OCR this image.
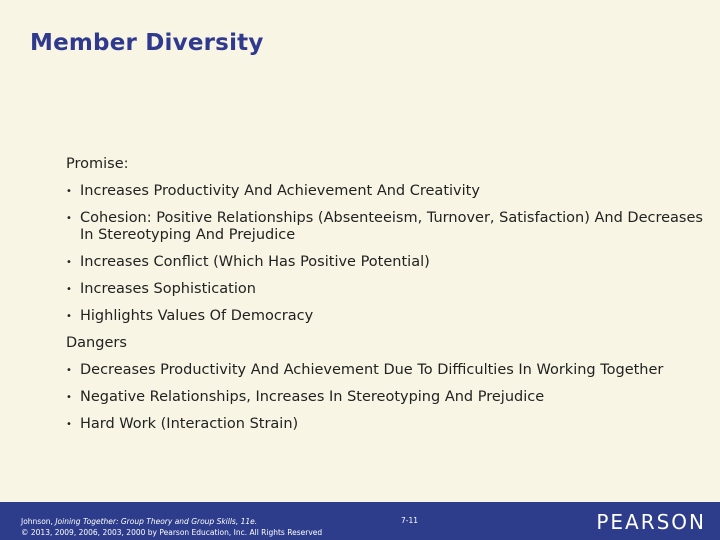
Member Diversity
Promise:
• Increases Productivity And Achievement And Creativity
• Cohesion: Positive Relationships (Absenteeism, Turnover, Satisfaction) And Decreases In Stereotyping And Prejudice
• Increases Conflict (Which Has Positive Potential)
• Increases Sophistication
• Highlights Values Of Democracy
Dangers
• Decreases Productivity And Achievement Due To Difficulties In Working Together
• Negative Relationships, Increases In Stereotyping And Prejudice
• Hard Work (Interaction Strain)
Johnson, Joining Together: Group Theory and Group Skills, 11e.
© 2013, 2009, 2006, 2003, 2000 by Pearson Education, Inc. All Rights Reserved
7-11	PEARSON
